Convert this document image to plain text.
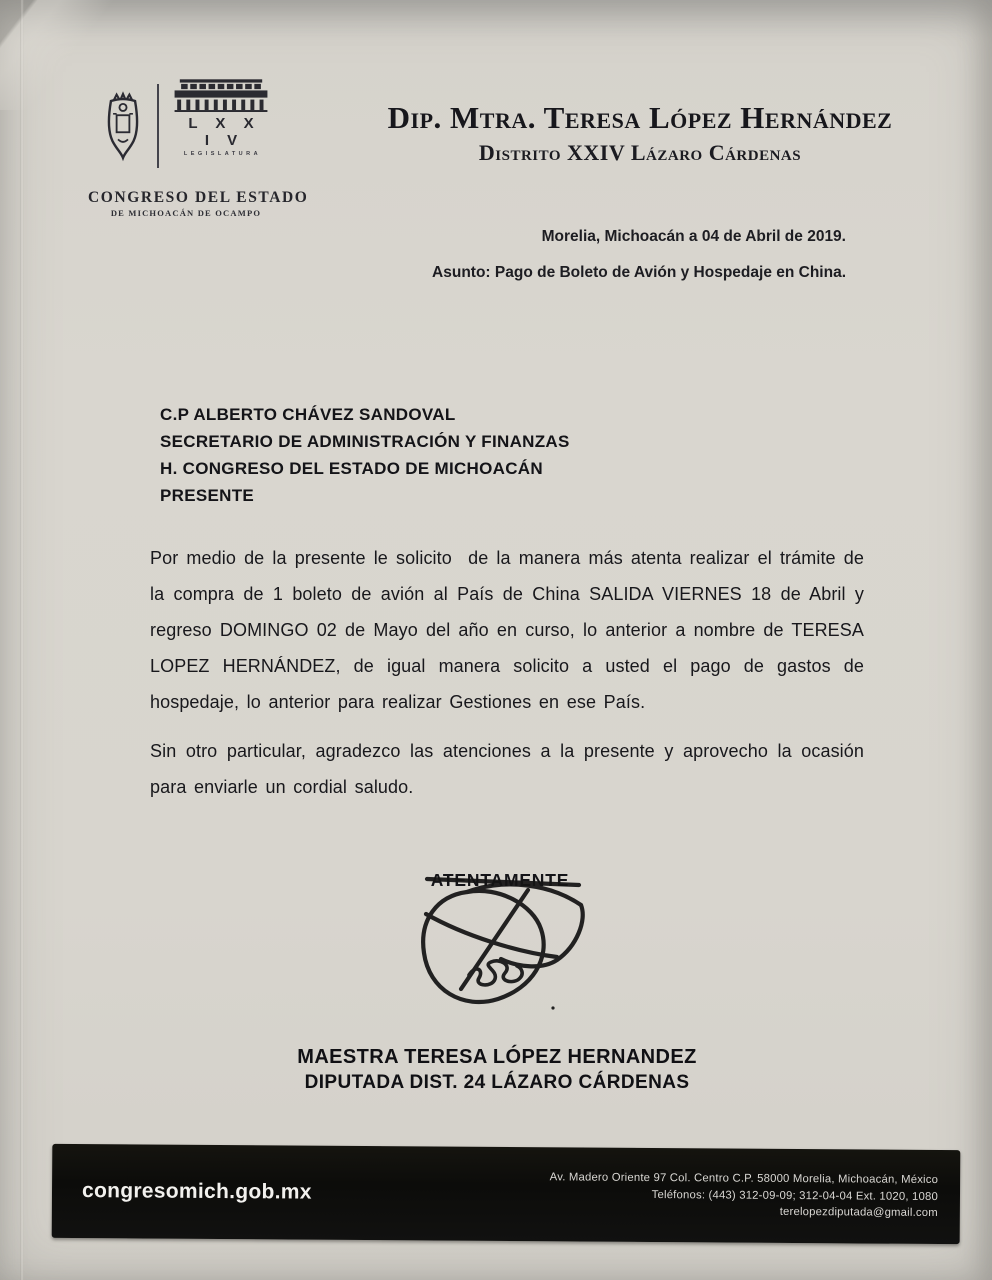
L X X I V
LEGISLATURA
CONGRESO DEL ESTADO
DE MICHOACÁN DE OCAMPO
Dip. Mtra. Teresa López Hernández
Distrito XXIV Lázaro Cárdenas
Morelia, Michoacán a 04 de Abril de 2019.
Asunto: Pago de Boleto de Avión y Hospedaje en China.
C.P ALBERTO CHÁVEZ SANDOVAL
SECRETARIO DE ADMINISTRACIÓN Y FINANZAS
H. CONGRESO DEL ESTADO DE MICHOACÁN
PRESENTE
Por medio de la presente le solicito  de la manera más atenta realizar el trámite de la compra de 1 boleto de avión al País de China SALIDA VIERNES 18 de Abril y regreso DOMINGO 02 de Mayo del año en curso, lo anterior a nombre de TERESA LOPEZ HERNÁNDEZ, de igual manera solicito a usted el pago de gastos de hospedaje, lo anterior para realizar Gestiones en ese País.
Sin otro particular, agradezco las atenciones a la presente y aprovecho la ocasión para enviarle un cordial saludo.
ATENTAMENTE
MAESTRA TERESA LÓPEZ HERNANDEZ
DIPUTADA DIST. 24 LÁZARO CÁRDENAS
congresomich.gob.mx
Av. Madero Oriente 97 Col. Centro C.P. 58000 Morelia, Michoacán, México
Teléfonos: (443) 312-09-09; 312-04-04 Ext. 1020, 1080
terelopezdiputada@gmail.com
